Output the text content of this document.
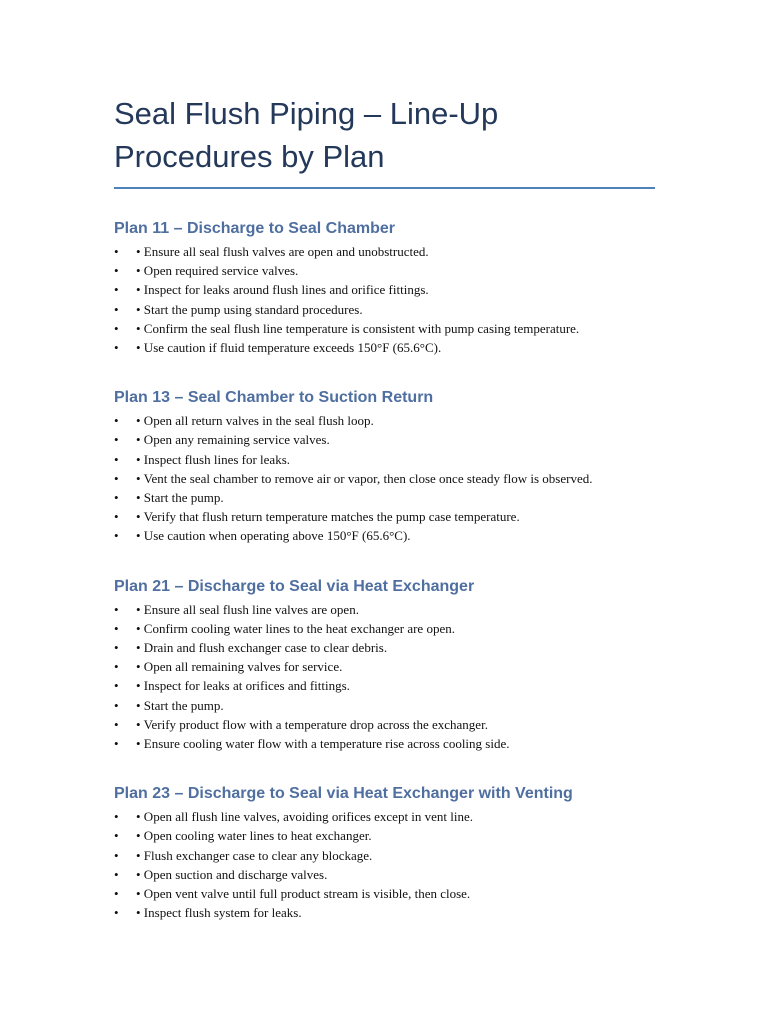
Seal Flush Piping – Line-Up Procedures by Plan
Plan 11 – Discharge to Seal Chamber
• • Ensure all seal flush valves are open and unobstructed.
• • Open required service valves.
• • Inspect for leaks around flush lines and orifice fittings.
• • Start the pump using standard procedures.
• • Confirm the seal flush line temperature is consistent with pump casing temperature.
• • Use caution if fluid temperature exceeds 150°F (65.6°C).
Plan 13 – Seal Chamber to Suction Return
• • Open all return valves in the seal flush loop.
• • Open any remaining service valves.
• • Inspect flush lines for leaks.
• • Vent the seal chamber to remove air or vapor, then close once steady flow is observed.
• • Start the pump.
• • Verify that flush return temperature matches the pump case temperature.
• • Use caution when operating above 150°F (65.6°C).
Plan 21 – Discharge to Seal via Heat Exchanger
• • Ensure all seal flush line valves are open.
• • Confirm cooling water lines to the heat exchanger are open.
• • Drain and flush exchanger case to clear debris.
• • Open all remaining valves for service.
• • Inspect for leaks at orifices and fittings.
• • Start the pump.
• • Verify product flow with a temperature drop across the exchanger.
• • Ensure cooling water flow with a temperature rise across cooling side.
Plan 23 – Discharge to Seal via Heat Exchanger with Venting
• • Open all flush line valves, avoiding orifices except in vent line.
• • Open cooling water lines to heat exchanger.
• • Flush exchanger case to clear any blockage.
• • Open suction and discharge valves.
• • Open vent valve until full product stream is visible, then close.
• • Inspect flush system for leaks.
